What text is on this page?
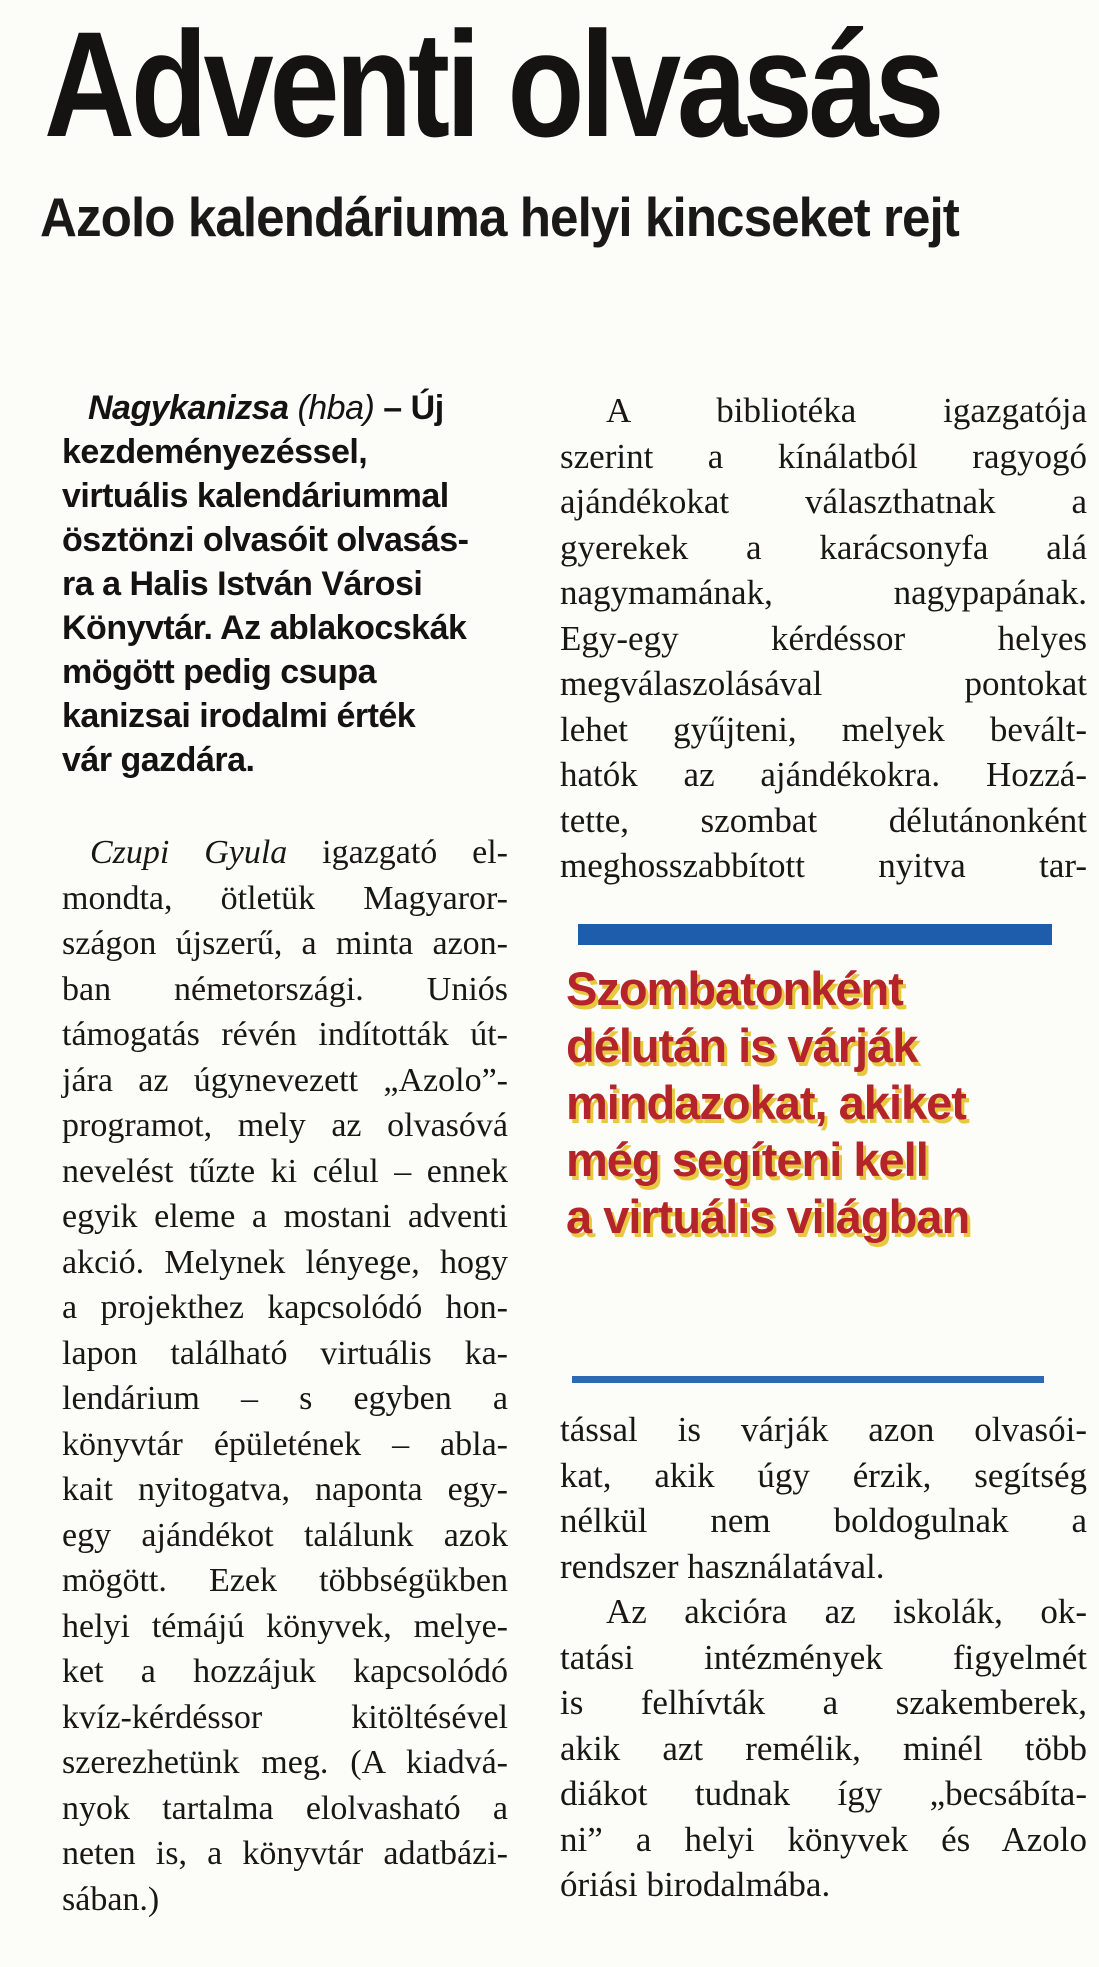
Adventi olvasás
Azolo kalendáriuma helyi kincseket rejt
Nagykanizsa (hba) – Új
kezdeményezéssel,
virtuális kalendáriummal
ösztönzi olvasóit olvasás-
ra a Halis István Városi
Könyvtár. Az ablakocskák
mögött pedig csupa
kanizsai irodalmi érték
vár gazdára.
Czupi Gyula igazgató el-
mondta, ötletük Magyaror-
szágon újszerű, a minta azon-
ban németországi. Uniós
támogatás révén indították út-
jára az úgynevezett „Azolo”-
programot, mely az olvasóvá
nevelést tűzte ki célul – ennek
egyik eleme a mostani adventi
akció. Melynek lényege, hogy
a projekthez kapcsolódó hon-
lapon található virtuális ka-
lendárium – s egyben a
könyvtár épületének – abla-
kait nyitogatva, naponta egy-
egy ajándékot találunk azok
mögött. Ezek többségükben
helyi témájú könyvek, melye-
ket a hozzájuk kapcsolódó
kvíz-kérdéssor kitöltésével
szerezhetünk meg. (A kiadvá-
nyok tartalma elolvasható a
neten is, a könyvtár adatbázi-
sában.)
A bibliotéka igazgatója
szerint a kínálatból ragyogó
ajándékokat választhatnak a
gyerekek a karácsonyfa alá
nagymamának, nagypapának.
Egy-egy kérdéssor helyes
megválaszolásával pontokat
lehet gyűjteni, melyek bevált-
hatók az ajándékokra. Hozzá-
tette, szombat délutánonként
meghosszabbított nyitva tar-
Szombatonként
délután is várják
mindazokat, akiket
még segíteni kell
a virtuális világban
tással is várják azon olvasói-
kat, akik úgy érzik, segítség
nélkül nem boldogulnak a
rendszer használatával.
Az akcióra az iskolák, ok-
tatási intézmények figyelmét
is felhívták a szakemberek,
akik azt remélik, minél több
diákot tudnak így „becsábíta-
ni” a helyi könyvek és Azolo
óriási birodalmába.
